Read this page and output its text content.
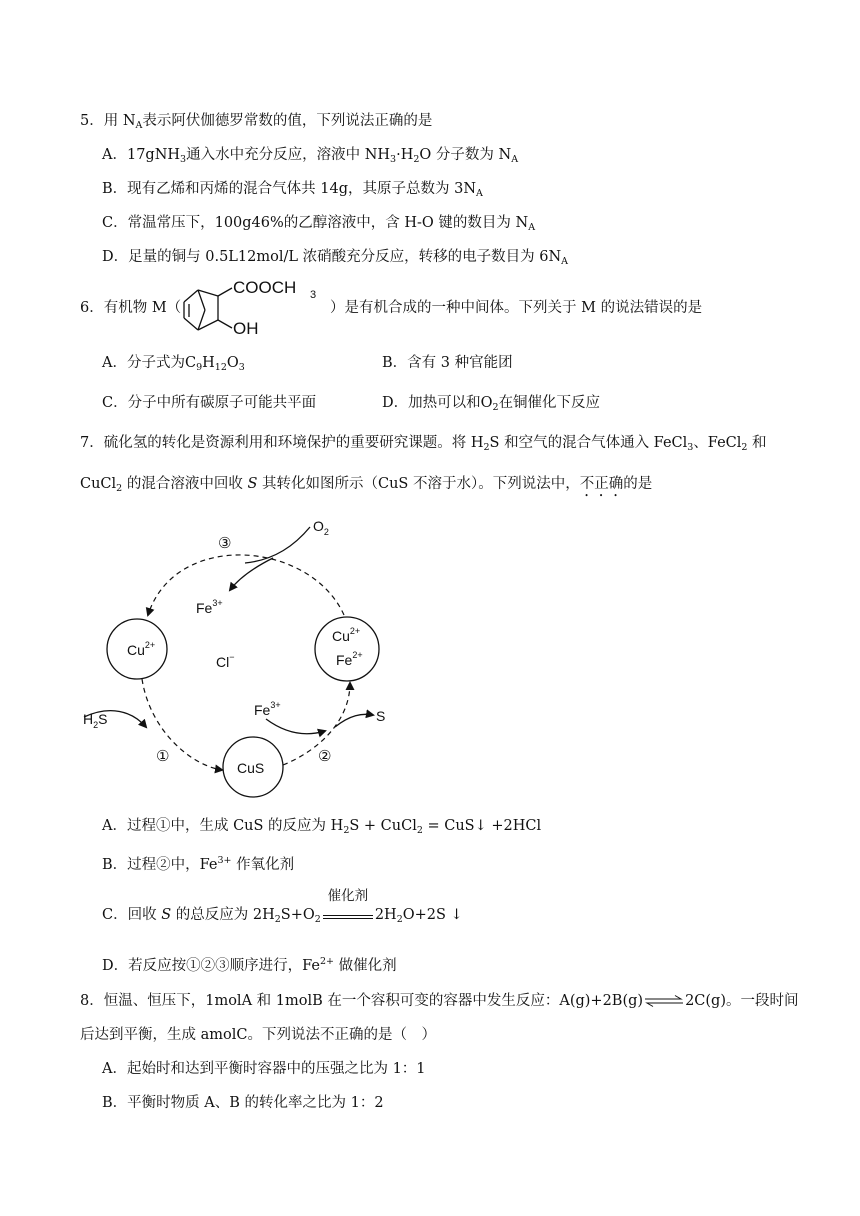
5．用 $N_A$表示阿伏伽德罗常数的值，下列说法正确的是
A．17gNH$_3$通入水中充分反应，溶液中 $NH_3\cdot H_2O$ 分子数为 $N_A$
B．现有乙烯和丙烯的混合气体共 14g，其原子总数为 $3N_A$
C．常温常压下，100g46%的乙醇溶液中，含 H-O 键的数目为 $N_A$
D．足量的铜与 0.5L12mol/L 浓硝酸充分反应，转移的电子数目为 $6N_A$
6．有机物 M（
COOCH 3
OH
）是有机合成的一种中间体。下列关于 M 的说法错误的是
A．分子式为$C_9H_{12}O_3$	B．含有 3 种官能团
C．分子中所有碳原子可能共平面	D．加热可以和$O_2$在铜催化下反应
7．硫化氢的转化是资源利用和环境保护的重要研究课题。将 $H_2S$ 和空气的混合气体通入 FeCl$_3$、FeCl$_2$ 和
CuCl$_2$ 的混合溶液中回收 S 其转化如图所示（CuS 不溶于水）。下列说法中，不正确的是
$O_2$
③
$Fe^{3+}$
$Cu^{2+}$
Cl−
$Cu^{2+}$
$Fe^{2+}$
$H_2S$
$Fe^{3+}$
S
①	②
CuS
A．过程①中，生成 CuS 的反应为 $H_2S$ + CuCl$_2$ = CuS↓ +2HCl
B．过程②中，$Fe^{3+}$ 作氧化剂
C．回收 S 的总反应为 $2H_2S+O_2$
催化剂
$2H_2O+2S$ ↓
D．若反应按①②③顺序进行，$Fe^{2+}$ 做催化剂
8．恒温、恒压下，1molA 和 1molB 在一个容积可变的容器中发生反应：A(g)+2B(g)⇌2C(g)。一段时间
后达到平衡，生成 amolC。下列说法不正确的是（　）
A．起始时和达到平衡时容器中的压强之比为 1：1
B．平衡时物质 A、B 的转化率之比为 1：2
